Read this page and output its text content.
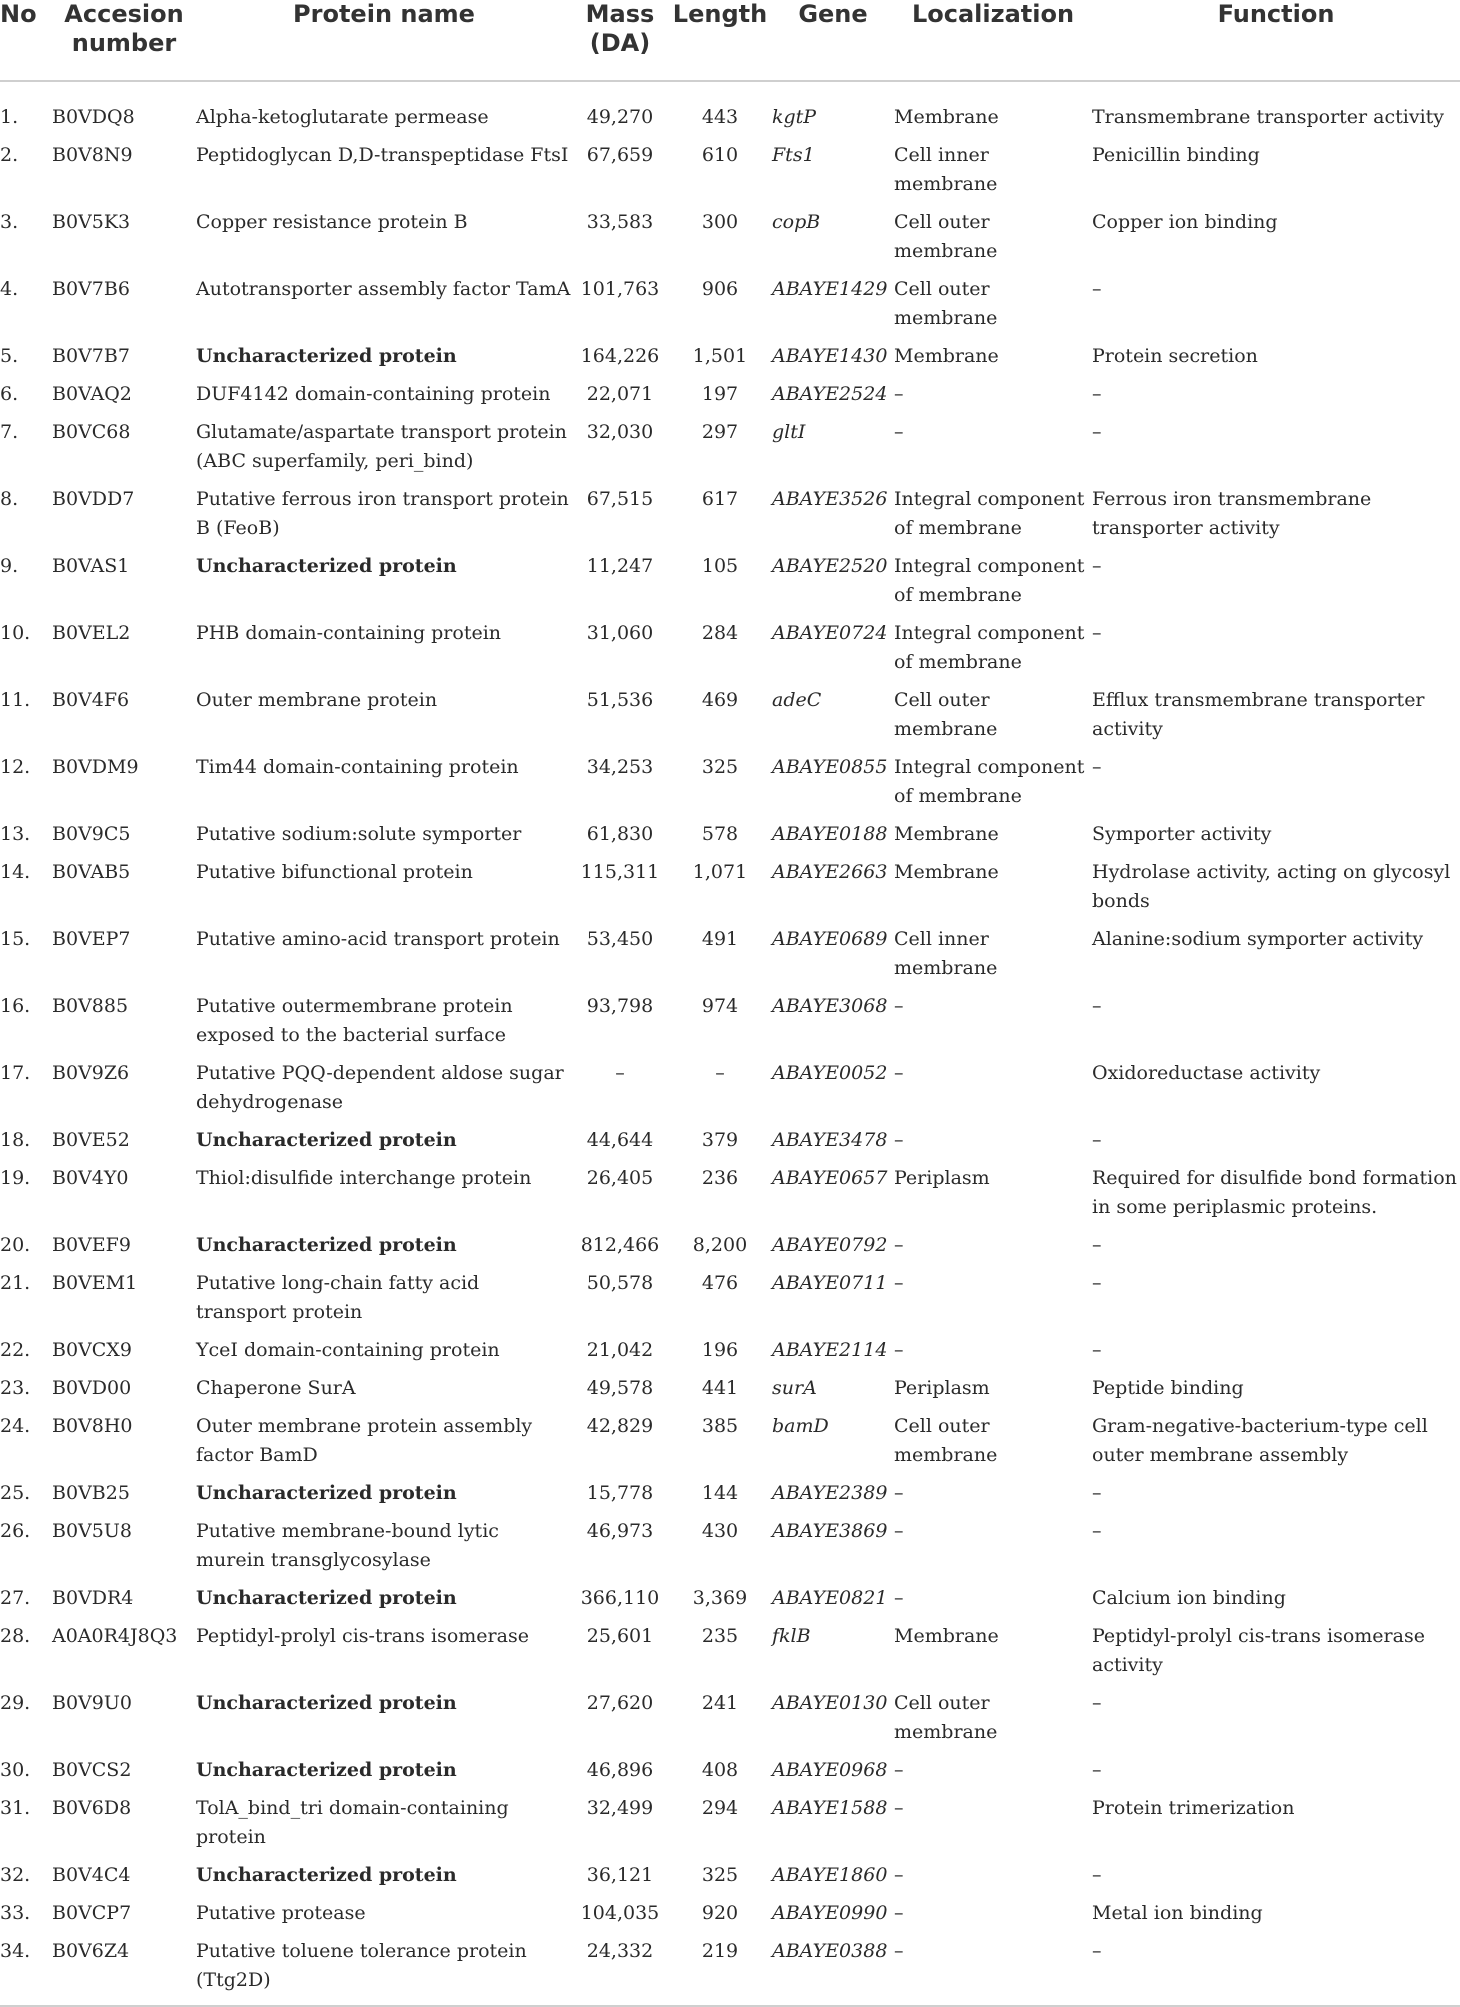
No	Accesion number	Protein name	Mass (DA)	Length	Gene	Localization	Function
1.	B0VDQ8	Alpha-ketoglutarate permease	49,270	443	kgtP	Membrane	Transmembrane transporter activity
2.	B0V8N9	Peptidoglycan D,D-transpeptidase FtsI	67,659	610	Fts1	Cell inner membrane	Penicillin binding
3.	B0V5K3	Copper resistance protein B	33,583	300	copB	Cell outer membrane	Copper ion binding
4.	B0V7B6	Autotransporter assembly factor TamA	101,763	906	ABAYE1429	Cell outer membrane	–
5.	B0V7B7	Uncharacterized protein	164,226	1,501	ABAYE1430	Membrane	Protein secretion
6.	B0VAQ2	DUF4142 domain-containing protein	22,071	197	ABAYE2524	–	–
7.	B0VC68	Glutamate/aspartate transport protein (ABC superfamily, peri_bind)	32,030	297	gltI	–	–
8.	B0VDD7	Putative ferrous iron transport protein B (FeoB)	67,515	617	ABAYE3526	Integral component of membrane	Ferrous iron transmembrane transporter activity
9.	B0VAS1	Uncharacterized protein	11,247	105	ABAYE2520	Integral component of membrane	–
10.	B0VEL2	PHB domain-containing protein	31,060	284	ABAYE0724	Integral component of membrane	–
11.	B0V4F6	Outer membrane protein	51,536	469	adeC	Cell outer membrane	Efflux transmembrane transporter activity
12.	B0VDM9	Tim44 domain-containing protein	34,253	325	ABAYE0855	Integral component of membrane	–
13.	B0V9C5	Putative sodium:solute symporter	61,830	578	ABAYE0188	Membrane	Symporter activity
14.	B0VAB5	Putative bifunctional protein	115,311	1,071	ABAYE2663	Membrane	Hydrolase activity, acting on glycosyl bonds
15.	B0VEP7	Putative amino-acid transport protein	53,450	491	ABAYE0689	Cell inner membrane	Alanine:sodium symporter activity
16.	B0V885	Putative outermembrane protein exposed to the bacterial surface	93,798	974	ABAYE3068	–	–
17.	B0V9Z6	Putative PQQ-dependent aldose sugar dehydrogenase	–	–	ABAYE0052	–	Oxidoreductase activity
18.	B0VE52	Uncharacterized protein	44,644	379	ABAYE3478	–	–
19.	B0V4Y0	Thiol:disulfide interchange protein	26,405	236	ABAYE0657	Periplasm	Required for disulfide bond formation in some periplasmic proteins.
20.	B0VEF9	Uncharacterized protein	812,466	8,200	ABAYE0792	–	–
21.	B0VEM1	Putative long-chain fatty acid transport protein	50,578	476	ABAYE0711	–	–
22.	B0VCX9	YceI domain-containing protein	21,042	196	ABAYE2114	–	–
23.	B0VD00	Chaperone SurA	49,578	441	surA	Periplasm	Peptide binding
24.	B0V8H0	Outer membrane protein assembly factor BamD	42,829	385	bamD	Cell outer membrane	Gram-negative-bacterium-type cell outer membrane assembly
25.	B0VB25	Uncharacterized protein	15,778	144	ABAYE2389	–	–
26.	B0V5U8	Putative membrane-bound lytic murein transglycosylase	46,973	430	ABAYE3869	–	–
27.	B0VDR4	Uncharacterized protein	366,110	3,369	ABAYE0821	–	Calcium ion binding
28.	A0A0R4J8Q3	Peptidyl-prolyl cis-trans isomerase	25,601	235	fklB	Membrane	Peptidyl-prolyl cis-trans isomerase activity
29.	B0V9U0	Uncharacterized protein	27,620	241	ABAYE0130	Cell outer membrane	–
30.	B0VCS2	Uncharacterized protein	46,896	408	ABAYE0968	–	–
31.	B0V6D8	TolA_bind_tri domain-containing protein	32,499	294	ABAYE1588	–	Protein trimerization
32.	B0V4C4	Uncharacterized protein	36,121	325	ABAYE1860	–	–
33.	B0VCP7	Putative protease	104,035	920	ABAYE0990	–	Metal ion binding
34.	B0V6Z4	Putative toluene tolerance protein (Ttg2D)	24,332	219	ABAYE0388	–	–
